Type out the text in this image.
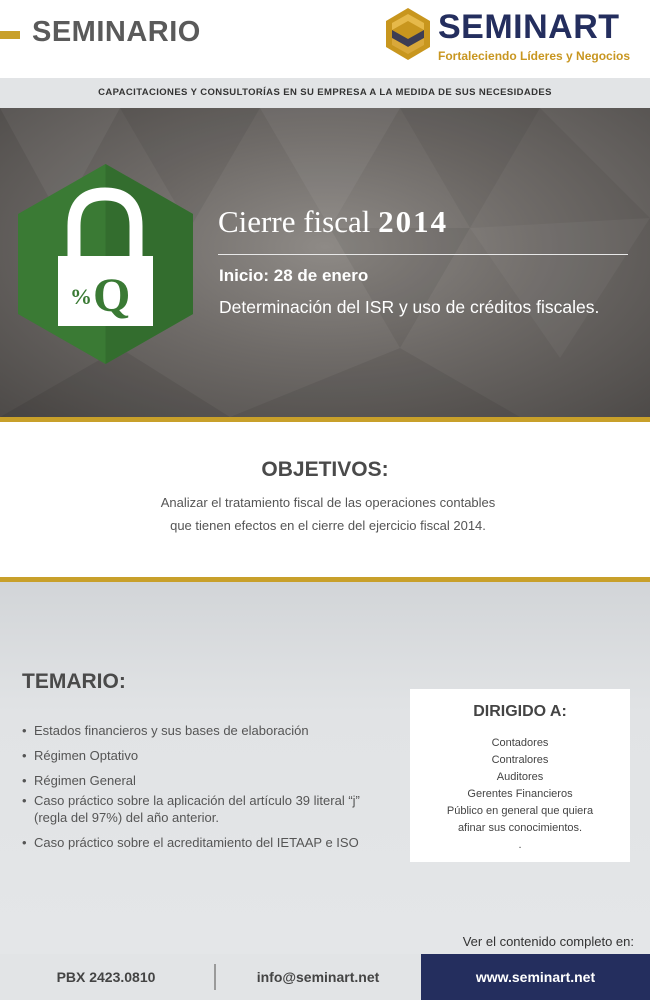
SEMINARIO	SEMINART
Fortaleciendo Líderes y Negocios
CAPACITACIONES Y CONSULTORÍAS EN SU EMPRESA A LA MEDIDA DE SUS NECESIDADES
% Q
Cierre fiscal 2014
Inicio: 28 de enero
Determinación del ISR y uso de créditos fiscales.
OBJETIVOS:
Analizar el tratamiento fiscal de las operaciones contables
que tienen efectos en el cierre del ejercicio fiscal 2014.
TEMARIO:
• Estados financieros y sus bases de elaboración
• Régimen Optativo
• Régimen General
• Caso práctico sobre la aplicación del artículo 39 literal “j” (regla del 97%) del año anterior.
• Caso práctico sobre el acreditamiento del IETAAP e ISO
DIRIGIDO A:
Contadores
Contralores
Auditores
Gerentes Financieros
Público en general que quiera
afinar sus conocimientos.
.
Ver el contenido completo en:
PBX 2423.0810	info@seminart.net	www.seminart.net
